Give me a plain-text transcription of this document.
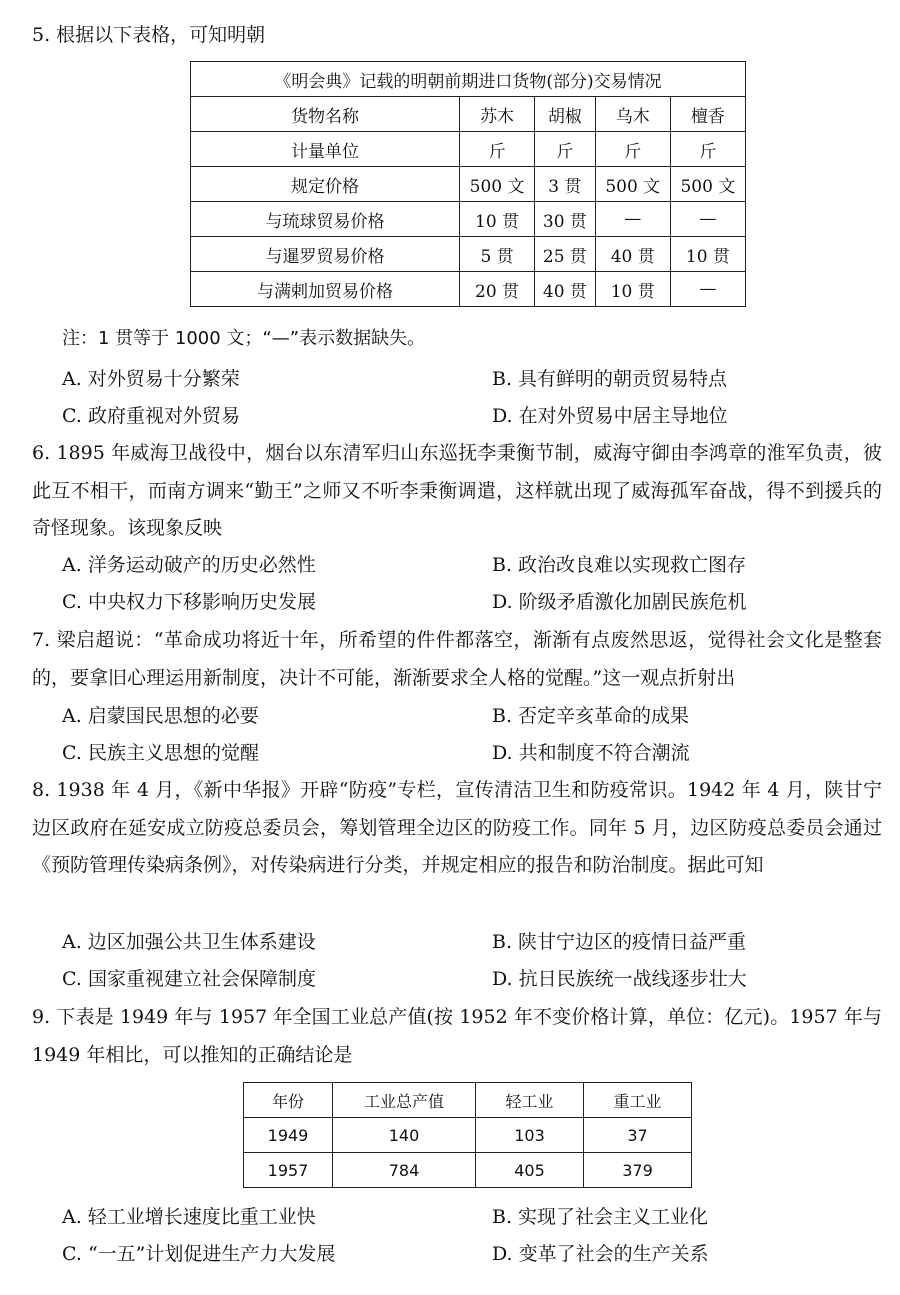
5. 根据以下表格，可知明朝
《明会典》记载的明朝前期进口货物(部分)交易情况				
货物名称	苏木	胡椒	乌木	檀香
计量单位	斤	斤	斤	斤
规定价格	500 文	3 贯	500 文	500 文
与琉球贸易价格	10 贯	30 贯	—	—
与暹罗贸易价格	5 贯	25 贯	40 贯	10 贯
与满剌加贸易价格	20 贯	40 贯	10 贯	—
注：1 贯等于 1000 文；“—”表示数据缺失。
A. 对外贸易十分繁荣	B. 具有鲜明的朝贡贸易特点
C. 政府重视对外贸易	D. 在对外贸易中居主导地位
6. 1895 年威海卫战役中，烟台以东清军归山东巡抚李秉衡节制，威海守御由李鸿章的淮军负责，彼此互不相干，而南方调来“勤王”之师又不听李秉衡调遣，这样就出现了威海孤军奋战，得不到援兵的奇怪现象。该现象反映
A. 洋务运动破产的历史必然性	B. 政治改良难以实现救亡图存
C. 中央权力下移影响历史发展	D. 阶级矛盾激化加剧民族危机
7. 梁启超说：“革命成功将近十年，所希望的件件都落空，渐渐有点废然思返，觉得社会文化是整套的，要拿旧心理运用新制度，决计不可能，渐渐要求全人格的觉醒。”这一观点折射出
A. 启蒙国民思想的必要	B. 否定辛亥革命的成果
C. 民族主义思想的觉醒	D. 共和制度不符合潮流
8. 1938 年 4 月，《新中华报》开辟“防疫”专栏，宣传清洁卫生和防疫常识。1942 年 4 月，陕甘宁边区政府在延安成立防疫总委员会，筹划管理全边区的防疫工作。同年 5 月，边区防疫总委员会通过《预防管理传染病条例》，对传染病进行分类，并规定相应的报告和防治制度。据此可知
A. 边区加强公共卫生体系建设	B. 陕甘宁边区的疫情日益严重
C. 国家重视建立社会保障制度	D. 抗日民族统一战线逐步壮大
9. 下表是 1949 年与 1957 年全国工业总产值(按 1952 年不变价格计算，单位：亿元)。1957 年与 1949 年相比，可以推知的正确结论是
年份	工业总产值	轻工业	重工业
1949	140	103	37
1957	784	405	379
A. 轻工业增长速度比重工业快	B. 实现了社会主义工业化
C. “一五”计划促进生产力大发展	D. 变革了社会的生产关系
